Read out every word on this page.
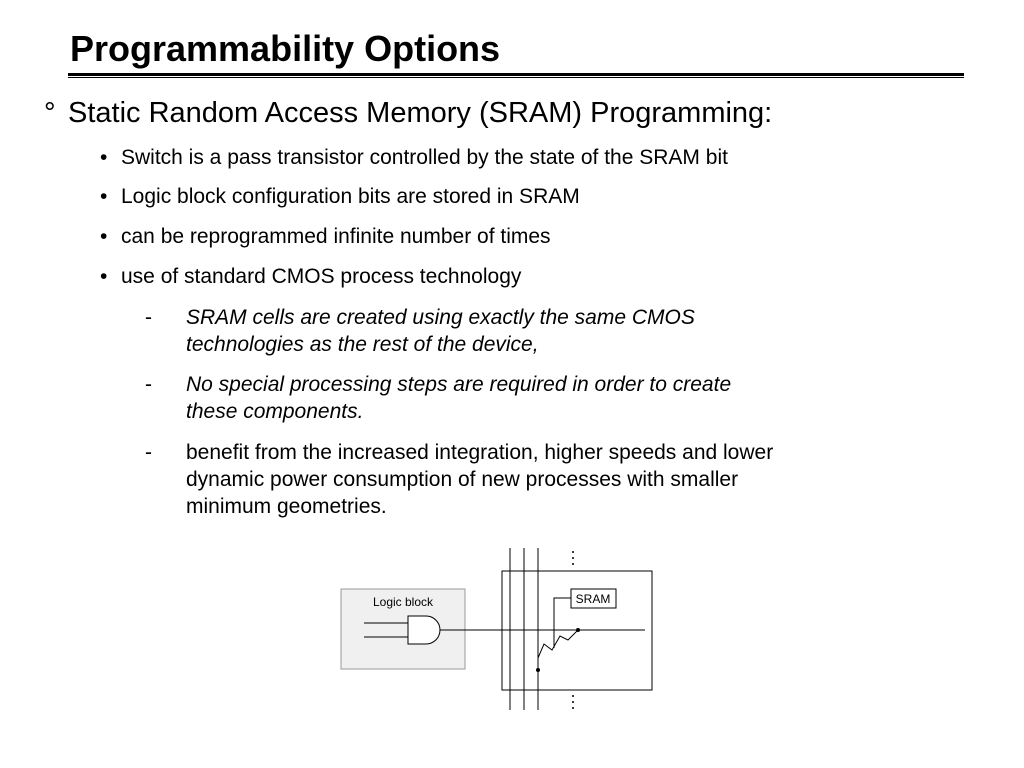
Programmability Options
° Static Random Access Memory (SRAM) Programming:
• Switch is a pass transistor controlled by the state of the SRAM bit
• Logic block configuration bits are stored in SRAM
• can be reprogrammed infinite number of times
• use of standard CMOS process technology
- SRAM cells are created using exactly the same CMOS
technologies as the rest of the device,
- No special processing steps are required in order to create
these components.
- benefit from the increased integration, higher speeds and lower
dynamic power consumption of new processes with smaller
minimum geometries.
Logic block	SRAM
